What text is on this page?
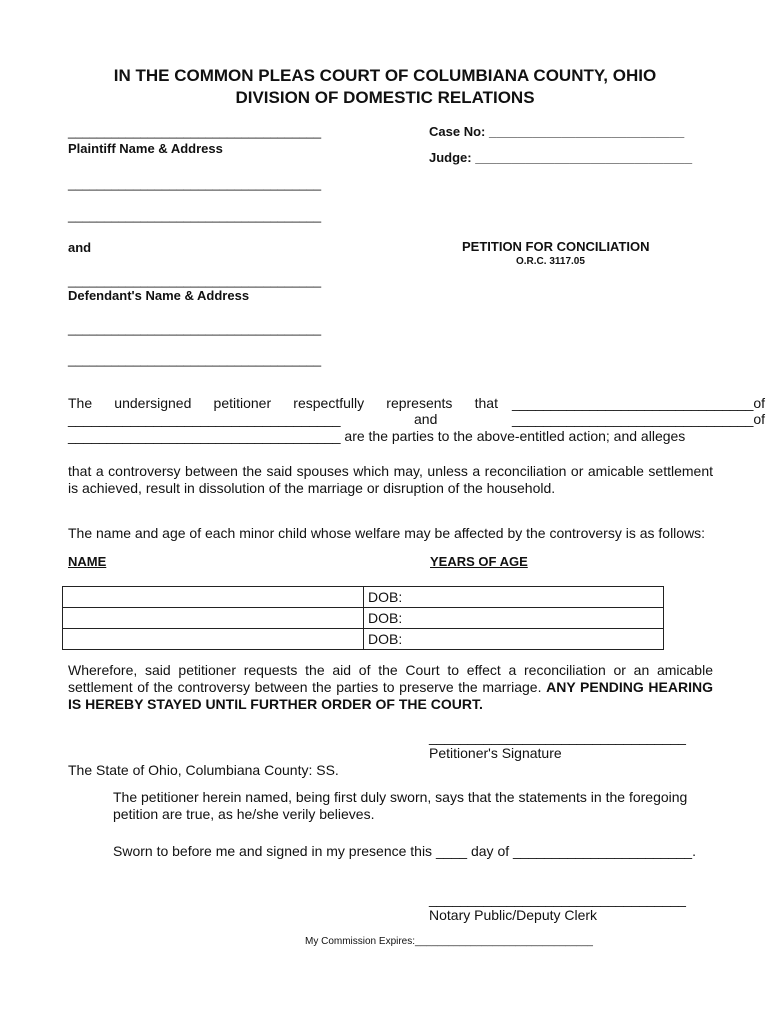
IN THE COMMON PLEAS COURT OF COLUMBIANA COUNTY, OHIO
DIVISION OF DOMESTIC RELATIONS
___________________________________
Plaintiff Name & Address
___________________________________
___________________________________
Case No: ___________________________
Judge: ______________________________
and	PETITION FOR CONCILIATION
O.R.C. 3117.05
___________________________________
Defendant's Name & Address
___________________________________
___________________________________
The undersigned petitioner respectfully represents that _______________________________of
___________________________________	and	_______________________________of
___________________________________ are the parties to the above-entitled action; and alleges
that a controversy between the said spouses which may, unless a reconciliation or amicable settlement is achieved, result in dissolution of the marriage or disruption of the household.
The name and age of each minor child whose welfare may be affected by the controversy is as follows:
NAME	YEARS OF AGE
	DOB:
	DOB:
	DOB:
Wherefore, said petitioner requests the aid of the Court to effect a reconciliation or an amicable settlement of the controversy between the parties to preserve the marriage. ANY PENDING HEARING IS HEREBY STAYED UNTIL FURTHER ORDER OF THE COURT.
_________________________________
Petitioner's Signature
The State of Ohio, Columbiana County: SS.
The petitioner herein named, being first duly sworn, says that the statements in the foregoing petition are true, as he/she verily believes.
Sworn to before me and signed in my presence this ____ day of _______________________.
_________________________________
Notary Public/Deputy Clerk
My Commission Expires:________________________________
